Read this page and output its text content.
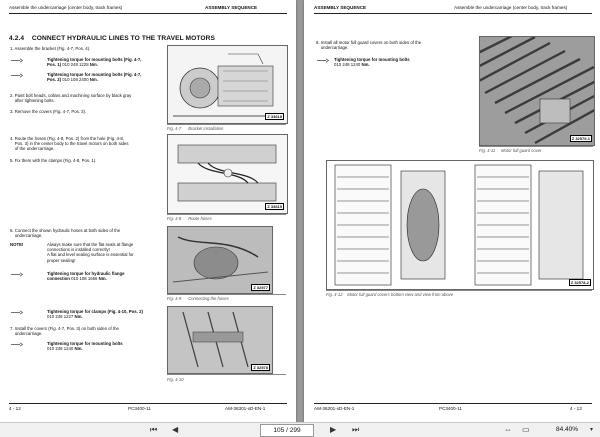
Assemble the undercarriage (center body, track frames)	ASSEMBLY SEQUENCE
4.2.4 CONNECT HYDRAULIC LINES TO THE TRAVEL MOTORS
1. Assemble the bracket (Fig. 4-7, Pos. 4).
Tightening torque for mounting bolts (Fig. 4-7,
Pos. 1) 010 248 1228 Nm.
Tightening torque for mounting bolts (Fig. 4-7,
Pos. 2) 010 108 2400 Nm.
2. Paint bolt heads, collars and machining surface by black gray
after tightening bolts.
3. Remove the covers (Fig. 4-7, Pos. 3).
4. Route the hoses (Fig. 4-8, Pos. 2) from the hole (Fig. 4-8,
Pos. 3) in the center body to the travel motors on both sides
of the undercarriage.
5. Fix them with the clamps (Fig. 4-8, Pos. 1).
6. Connect the shown hydraulic hoses at both sides of the
undercarriage.
NOTE!	Always make sure that the flat seals at flange
connections is installed correctly!
A flat and level sealing surface is essential for
proper sealing!
Tightening torque for hydraulic flange
connection 010 108 1656 Nm.
Tightening torque for clamps (Fig. 4-10, Pos. 2)
010 248 1227 Nm.
7. Install the covers (Fig. 4-7, Pos. 3) on both sides of the
undercarriage.
Tightening torque for mounting bolts
010 248 1240 Nm.
Z 33618
Fig. 4-7 Bracket installation
Z 33619
Fig. 4-8 Route hoses
Z 32577
Fig. 4-9 Connecting the hoses
Z 32578
Fig. 4-10
4 - 12	PC3400-11	AM-36301-xD-EN-1
ASSEMBLY SEQUENCE	Assemble the undercarriage (center body, track frames)
8. Install all motor full guard covers on both sides of the
undercarriage.
Tightening torque for mounting bolts
010 248 1240 Nm.
Z 32579-1
Fig. 4-11 Motor full guard cover
Z 32578-2
Fig. 4-12 Motor full guard covers bottom view and view from above
AM-36301-xD-EN-1	PC3400-11	4 - 13
⏮ ◀	105 / 299	▶ ⏭	⇔ ▭	84.40% ▾
